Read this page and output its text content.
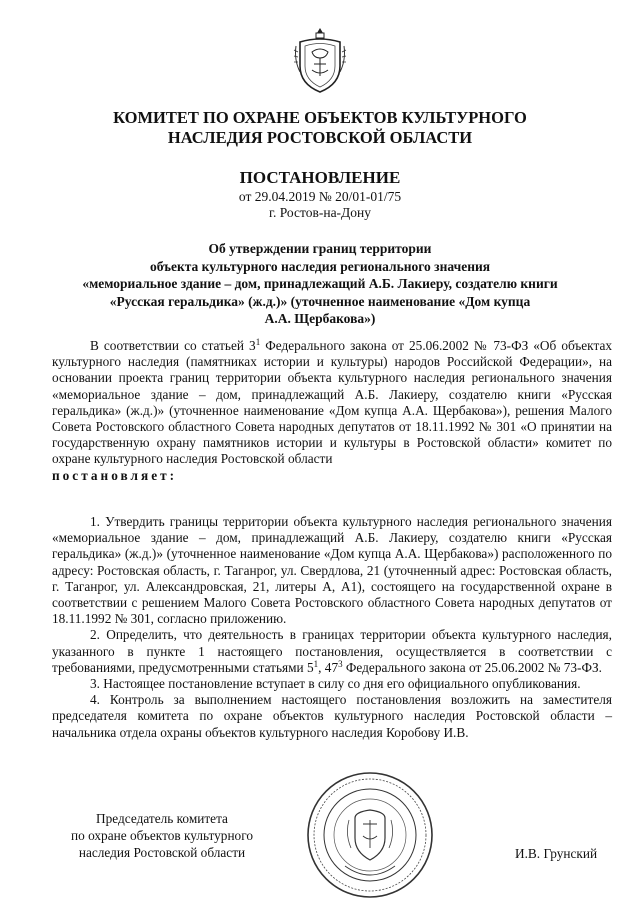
КОМИТЕТ ПО ОХРАНЕ ОБЪЕКТОВ КУЛЬТУРНОГО
НАСЛЕДИЯ РОСТОВСКОЙ ОБЛАСТИ
ПОСТАНОВЛЕНИЕ
от 29.04.2019 № 20/01-01/75
г. Ростов-на-Дону
Об утверждении границ территории
объекта культурного наследия регионального значения
«мемориальное здание – дом, принадлежащий А.Б. Лакиеру, создателю книги
«Русская геральдика» (ж.д.)» (уточненное наименование «Дом купца
А.А. Щербакова»)
В соответствии со статьей $3^1$ Федерального закона от 25.06.2002 № 73-ФЗ «Об объектах культурного наследия (памятниках истории и культуры) народов Российской Федерации», на основании проекта границ территории объекта культурного наследия регионального значения «мемориальное здание – дом, принадлежащий А.Б. Лакиеру, создателю книги «Русская геральдика» (ж.д.)» (уточненное наименование «Дом купца А.А. Щербакова»), решения Малого Совета Ростовского областного Совета народных депутатов от 18.11.1992 № 301 «О принятии на государственную охрану памятников истории и культуры в Ростовской области» комитет по охране культурного наследия Ростовской области
постановляет:

1. Утвердить границы территории объекта культурного наследия регионального значения «мемориальное здание – дом, принадлежащий А.Б. Лакиеру, создателю книги «Русская геральдика» (ж.д.)» (уточненное наименование «Дом купца А.А. Щербакова») расположенного по адресу: Ростовская область, г. Таганрог, ул. Свердлова, 21 (уточненный адрес: Ростовская область, г. Таганрог, ул. Александровская, 21, литеры А, А1), состоящего на государственной охране в соответствии с решением Малого Совета Ростовского областного Совета народных депутатов от 18.11.1992 № 301, согласно приложению.

2. Определить, что деятельность в границах территории объекта культурного наследия, указанного в пункте 1 настоящего постановления, осуществляется в соответствии с требованиями, предусмотренными статьями $5^1$, $47^3$ Федерального закона от 25.06.2002 № 73-ФЗ.

3. Настоящее постановление вступает в силу со дня его официального опубликования.

4. Контроль за выполнением настоящего постановления возложить на заместителя председателя комитета по охране объектов культурного наследия Ростовской области – начальника отдела охраны объектов культурного наследия Коробову И.В.

Председатель комитета
по охране объектов культурного
наследия Ростовской области	И.В. Грунский
